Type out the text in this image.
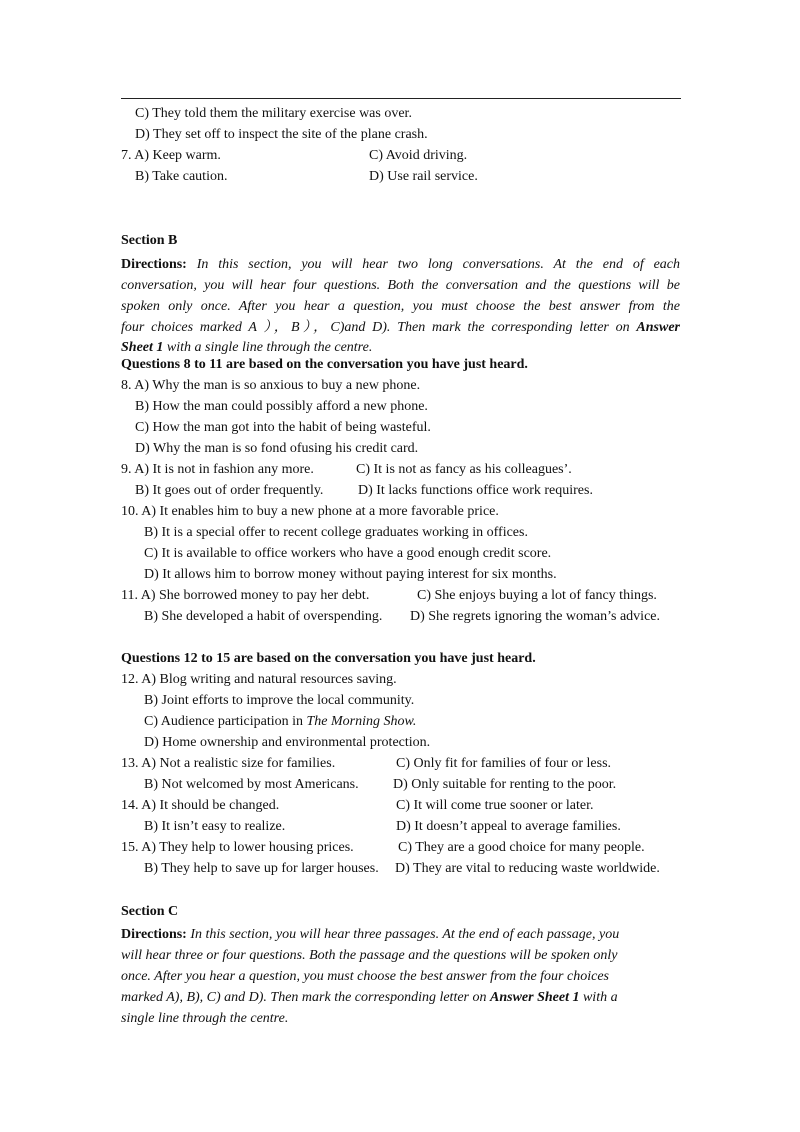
C) They told them the military exercise was over.
D) They set off to inspect the site of the plane crash.
7. A) Keep warm.	C) Avoid driving.
B) Take caution.	D) Use rail service.
Section B
Directions: In this section, you will hear two long conversations. At the end of each
conversation, you will hear four questions. Both the conversation and the questions will be
spoken only once. After you hear a question, you must choose the best answer from the
four choices marked A ），B），C)and D). Then mark the corresponding letter on Answer
Sheet 1 with a single line through the centre.
Questions 8 to 11 are based on the conversation you have just heard.
8. A) Why the man is so anxious to buy a new phone.
B) How the man could possibly afford a new phone.
C) How the man got into the habit of being wasteful.
D) Why the man is so fond ofusing his credit card.
9. A) It is not in fashion any more.	C) It is not as fancy as his colleagues’.
B) It goes out of order frequently. D) It lacks functions office work requires.
10. A) It enables him to buy a new phone at a more favorable price.
B) It is a special offer to recent college graduates working in offices.
C) It is available to office workers who have a good enough credit score.
D) It allows him to borrow money without paying interest for six months.
11. A) She borrowed money to pay her debt.	C) She enjoys buying a lot of fancy things.
B) She developed a habit of overspending. D) She regrets ignoring the woman’s advice.
Questions 12 to 15 are based on the conversation you have just heard.
12. A) Blog writing and natural resources saving.
B) Joint efforts to improve the local community.
C) Audience participation in The Morning Show.
D) Home ownership and environmental protection.
13. A) Not a realistic size for families.	C) Only fit for families of four or less.
B) Not welcomed by most Americans. D) Only suitable for renting to the poor.
14. A) It should be changed.	C) It will come true sooner or later.
B) It isn’t easy to realize.	D) It doesn’t appeal to average families.
15. A) They help to lower housing prices.	C) They are a good choice for many people.
B) They help to save up for larger houses. D) They are vital to reducing waste worldwide.
Section C
Directions: In this section, you will hear three passages. At the end of each passage, you
will hear three or four questions. Both the passage and the questions will be spoken only
once. After you hear a question, you must choose the best answer from the four choices
marked A), B), C) and D). Then mark the corresponding letter on Answer Sheet 1 with a
single line through the centre.
